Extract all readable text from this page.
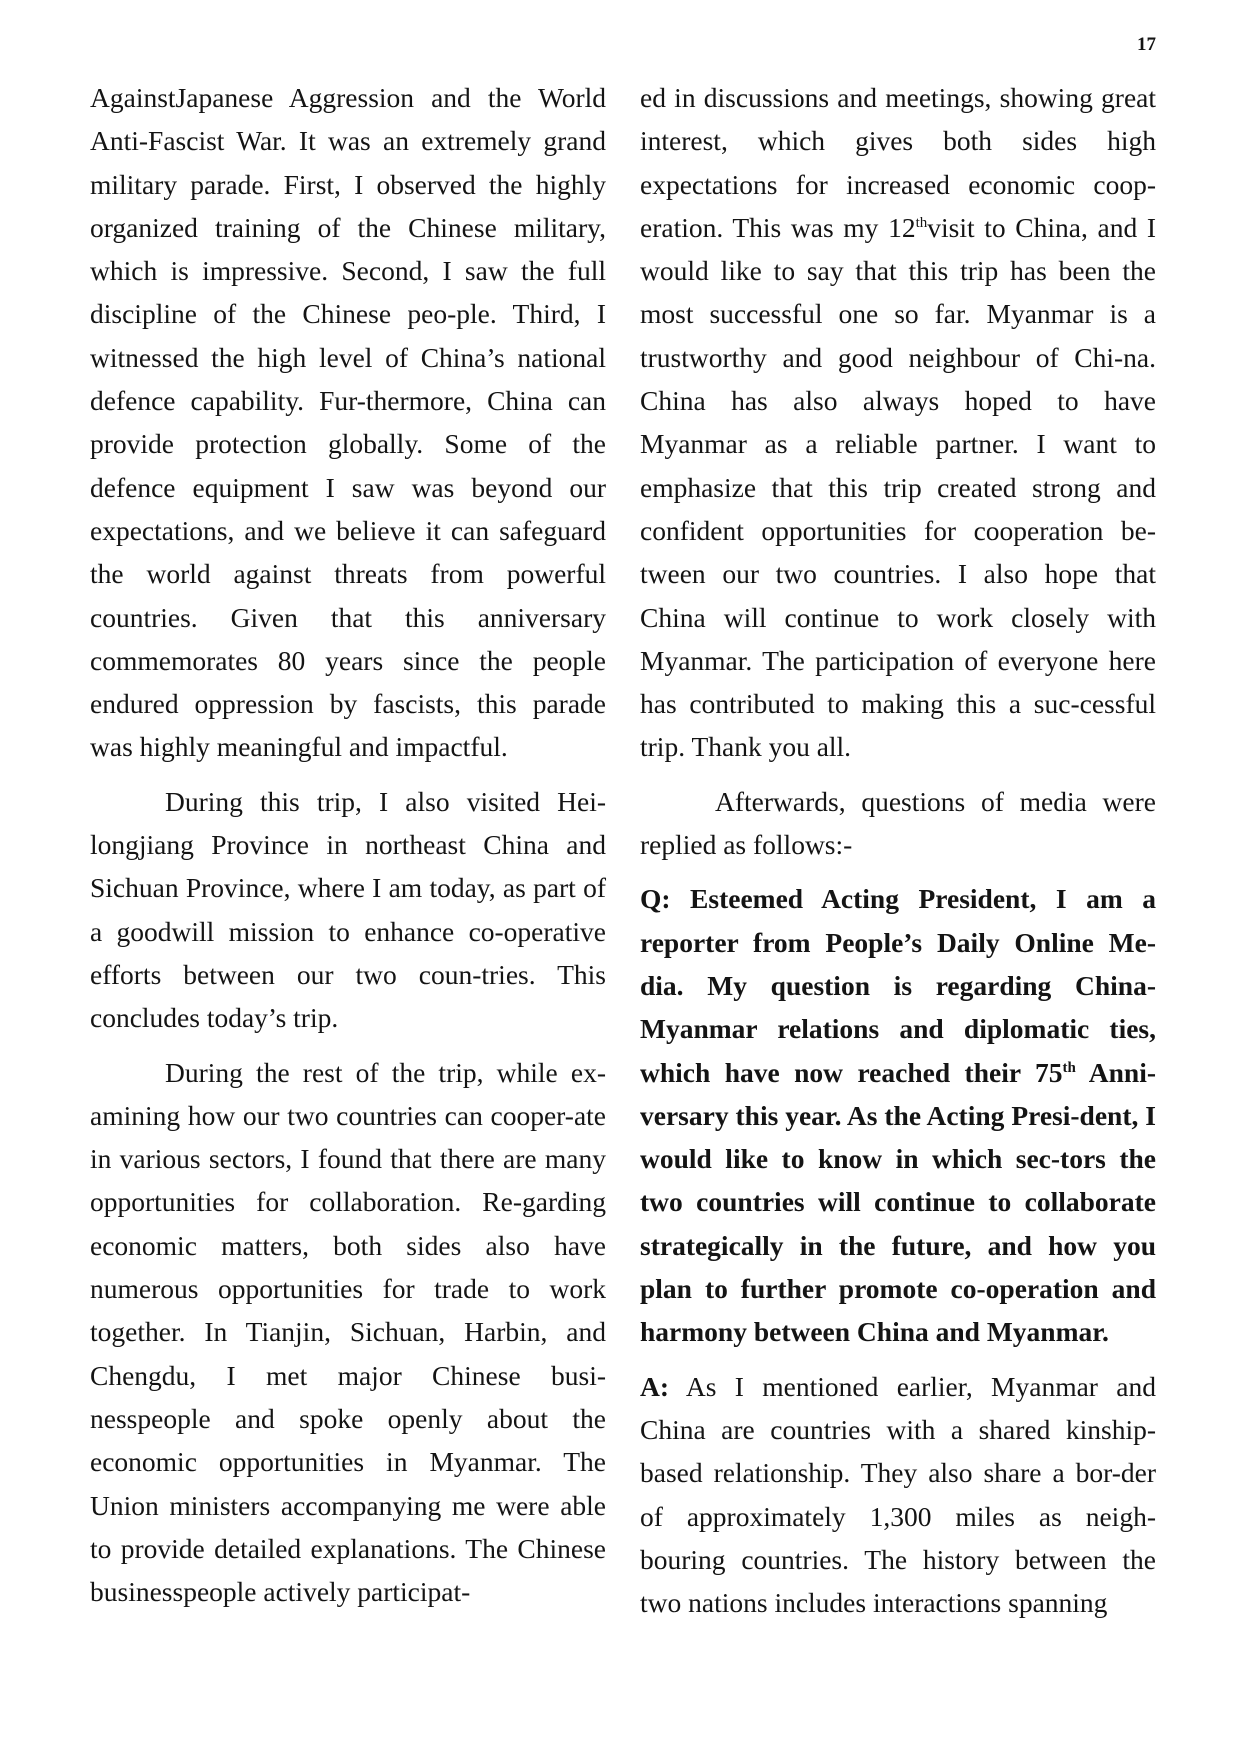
17

AgainstJapanese Aggression and the World Anti-Fascist War. It was an extremely grand military parade. First, I observed the highly organized training of the Chinese military, which is impressive. Second, I saw the full discipline of the Chinese peo-ple. Third, I witnessed the high level of China’s national defence capability. Fur-thermore, China can provide protection globally. Some of the defence equipment I saw was beyond our expectations, and we believe it can safeguard the world against threats from powerful countries. Given that this anniversary commemorates 80 years since the people endured oppression by fascists, this parade was highly meaningful and impactful.

During this trip, I also visited Hei-longjiang Province in northeast China and Sichuan Province, where I am today, as part of a goodwill mission to enhance co-operative efforts between our two coun-tries. This concludes today’s trip.

During the rest of the trip, while ex-amining how our two countries can cooper-ate in various sectors, I found that there are many opportunities for collaboration. Re-garding economic matters, both sides also have numerous opportunities for trade to work together. In Tianjin, Sichuan, Harbin, and Chengdu, I met major Chinese busi-nesspeople and spoke openly about the economic opportunities in Myanmar. The Union ministers accompanying me were able to provide detailed explanations. The Chinese businesspeople actively participat-

ed in discussions and meetings, showing great interest, which gives both sides high expectations for increased economic coop-eration. This was my 12thvisit to China, and I would like to say that this trip has been the most successful one so far. Myanmar is a trustworthy and good neighbour of Chi-na. China has also always hoped to have Myanmar as a reliable partner. I want to emphasize that this trip created strong and confident opportunities for cooperation be-tween our two countries. I also hope that China will continue to work closely with Myanmar. The participation of everyone here has contributed to making this a suc-cessful trip. Thank you all.

Afterwards, questions of media were replied as follows:-

Q: Esteemed Acting President, I am a reporter from People’s Daily Online Me-dia. My question is regarding China-Myanmar relations and diplomatic ties, which have now reached their 75th Anni-versary this year. As the Acting Presi-dent, I would like to know in which sec-tors the two countries will continue to collaborate strategically in the future, and how you plan to further promote co-operation and harmony between China and Myanmar.

A: As I mentioned earlier, Myanmar and China are countries with a shared kinship-based relationship. They also share a bor-der of approximately 1,300 miles as neigh-bouring countries. The history between the two nations includes interactions spanning
